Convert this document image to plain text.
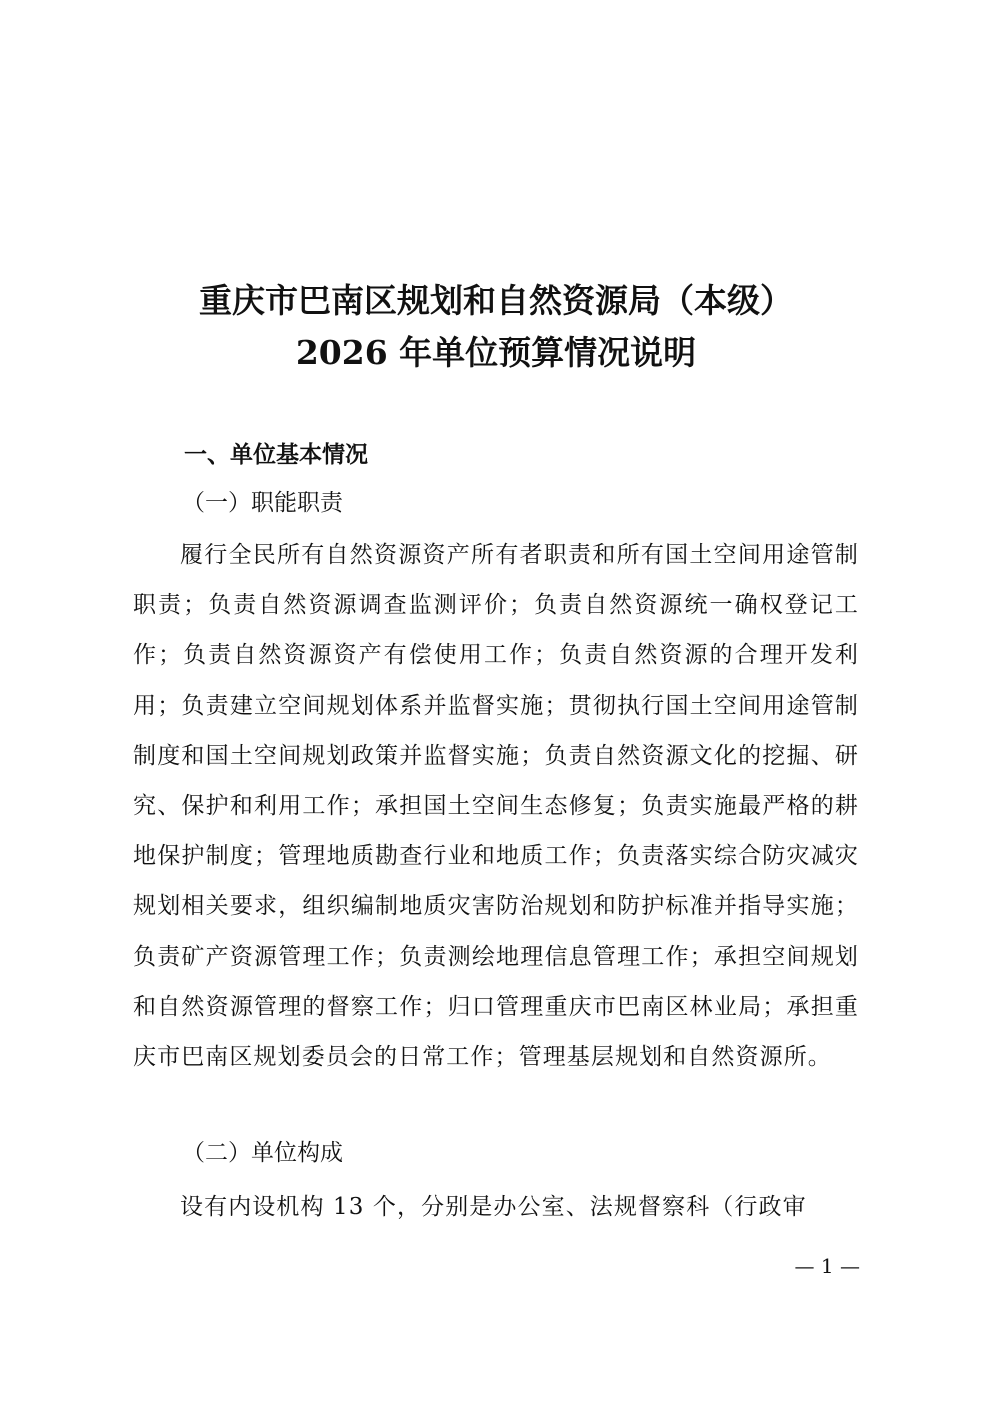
重庆市巴南区规划和自然资源局（本级）
2026 年单位预算情况说明
一、单位基本情况
（一）职能职责
履行全民所有自然资源资产所有者职责和所有国土空间用途管制职责；负责自然资源调查监测评价；负责自然资源统一确权登记工作；负责自然资源资产有偿使用工作；负责自然资源的合理开发利用；负责建立空间规划体系并监督实施；贯彻执行国土空间用途管制制度和国土空间规划政策并监督实施；负责自然资源文化的挖掘、研究、保护和利用工作；承担国土空间生态修复；负责实施最严格的耕地保护制度；管理地质勘查行业和地质工作；负责落实综合防灾减灾规划相关要求，组织编制地质灾害防治规划和防护标准并指导实施；负责矿产资源管理工作；负责测绘地理信息管理工作；承担空间规划和自然资源管理的督察工作；归口管理重庆市巴南区林业局；承担重庆市巴南区规划委员会的日常工作；管理基层规划和自然资源所。
（二）单位构成
设有内设机构 13 个，分别是办公室、法规督察科（行政审
— 1 —
